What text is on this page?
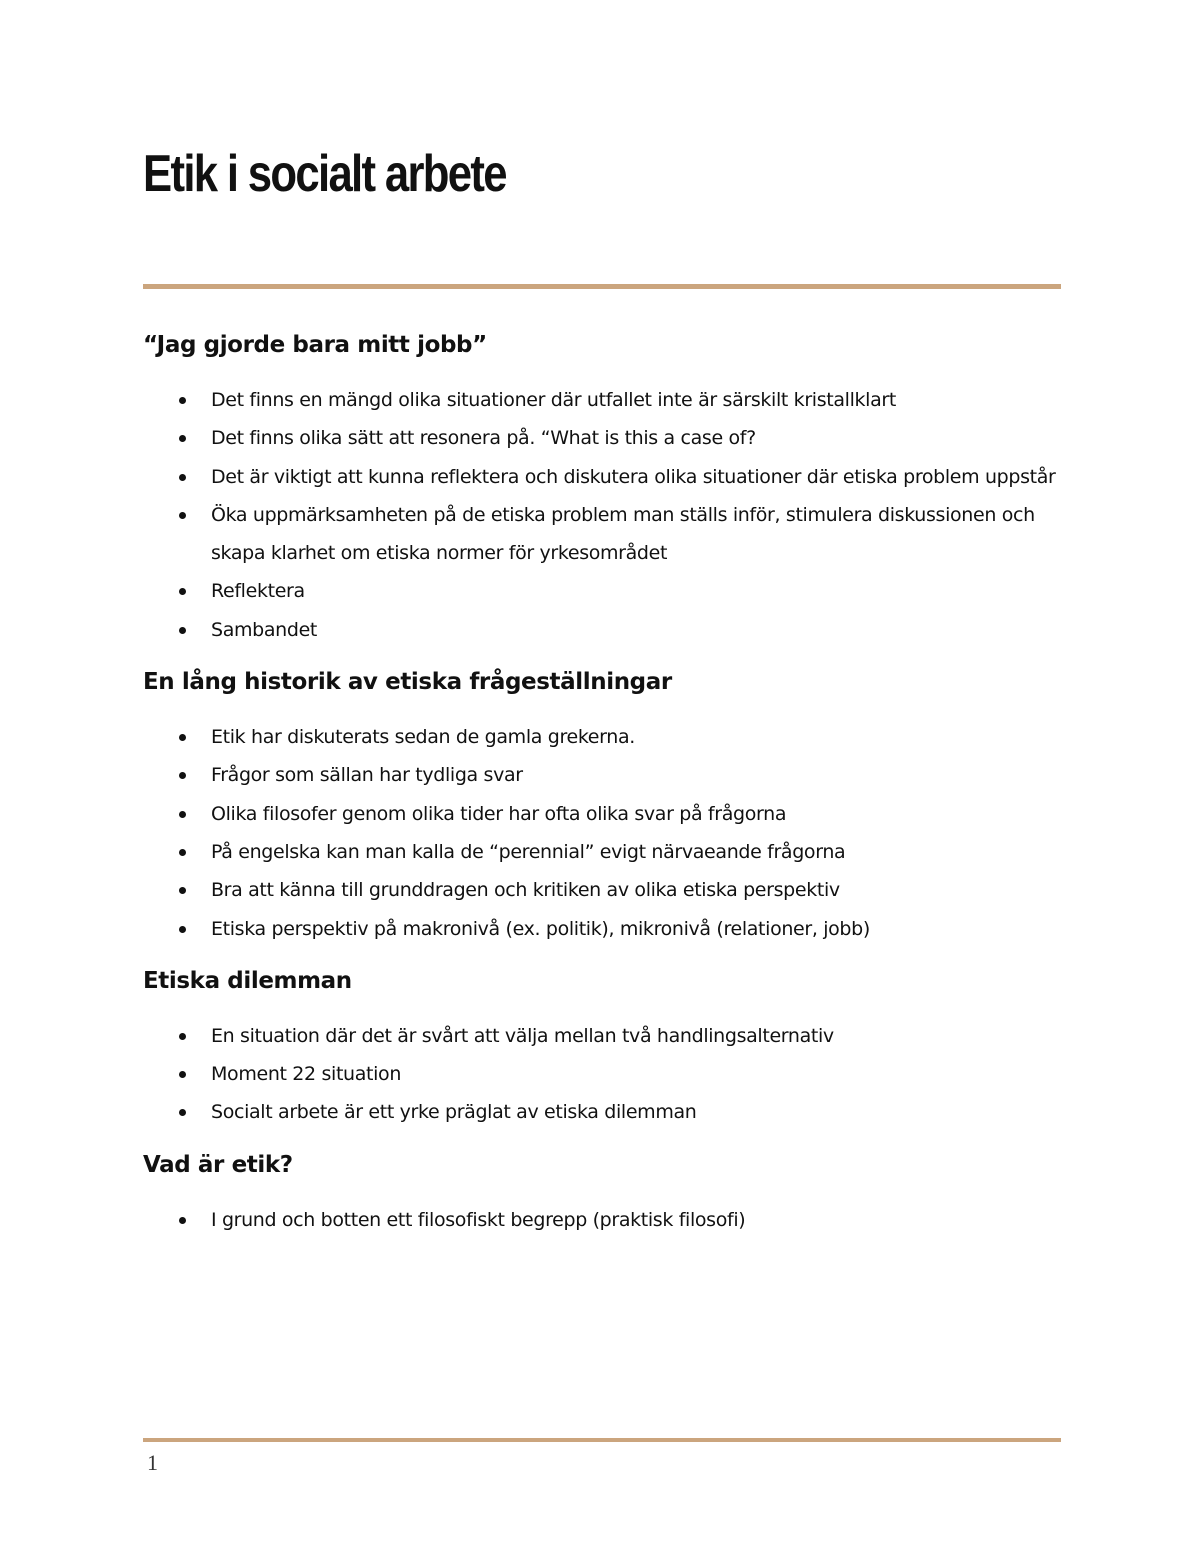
Etik i socialt arbete
“Jag gjorde bara mitt jobb”
Det finns en mängd olika situationer där utfallet inte är särskilt kristallklart
Det finns olika sätt att resonera på. “What is this a case of?
Det är viktigt att kunna reflektera och diskutera olika situationer där etiska problem uppstår
Öka uppmärksamheten på de etiska problem man ställs inför, stimulera diskussionen och skapa klarhet om etiska normer för yrkesområdet
Reflektera
Sambandet
En lång historik av etiska frågeställningar
Etik har diskuterats sedan de gamla grekerna.
Frågor som sällan har tydliga svar
Olika filosofer genom olika tider har ofta olika svar på frågorna
På engelska kan man kalla de “perennial” evigt närvaeande frågorna
Bra att känna till grunddragen och kritiken av olika etiska perspektiv
Etiska perspektiv på makronivå (ex. politik), mikronivå (relationer, jobb)
Etiska dilemman
En situation där det är svårt att välja mellan två handlingsalternativ
Moment 22 situation
Socialt arbete är ett yrke präglat av etiska dilemman
Vad är etik?
I grund och botten ett filosofiskt begrepp (praktisk filosofi)
1
